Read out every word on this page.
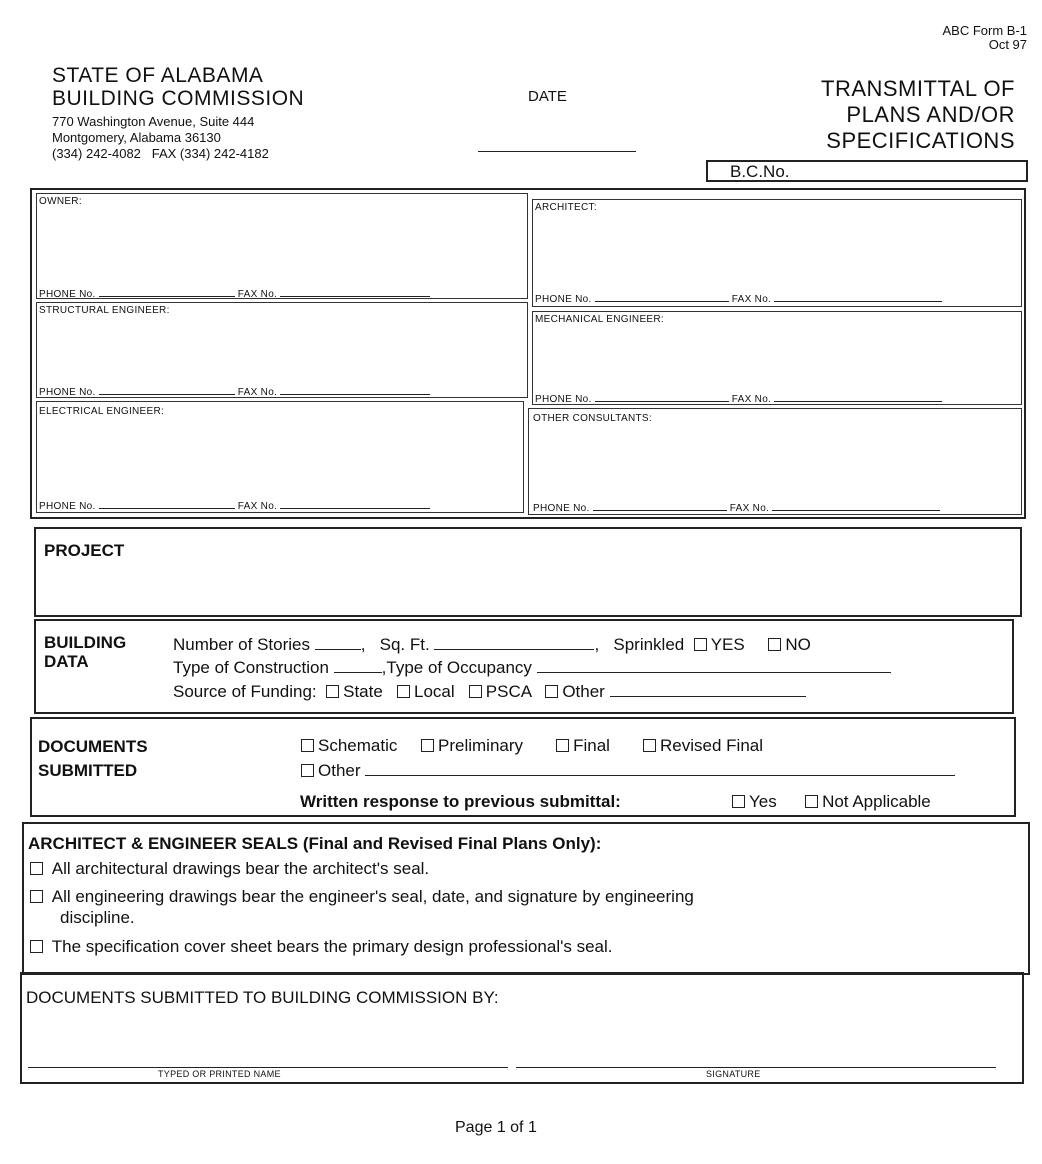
ABC Form B-1
Oct 97
STATE OF ALABAMA
BUILDING COMMISSION
770 Washington Avenue, Suite 444
Montgomery, Alabama 36130
(334) 242-4082 FAX (334) 242-4182
DATE	TRANSMITTAL OF
PLANS AND/OR
SPECIFICATIONS
B.C.No.
OWNER:
PHONE No.	FAX No.
ARCHITECT:
PHONE No.	FAX No.
STRUCTURAL ENGINEER:
PHONE No.	FAX No.
MECHANICAL ENGINEER:
PHONE No.	FAX No.
ELECTRICAL ENGINEER:
PHONE No.	FAX No.
OTHER CONSULTANTS:
PHONE No.	FAX No.
PROJECT
BUILDING
DATA
Number of Stories	,   Sq. Ft.	,   Sprinkled YES NO
Type of Construction	,Type of Occupancy
Source of Funding: State Local PSCA Other
DOCUMENTS
SUBMITTED
Schematic Preliminary	Final	Revised Final
Other
Written response to previous submittal:	Yes	Not Applicable
ARCHITECT & ENGINEER SEALS (Final and Revised Final Plans Only):
All architectural drawings bear the architect's seal.
All engineering drawings bear the engineer's seal, date, and signature by engineering
discipline.
The specification cover sheet bears the primary design professional's seal.
DOCUMENTS SUBMITTED TO BUILDING COMMISSION BY:
TYPED OR PRINTED NAME	SIGNATURE
Page 1 of 1
